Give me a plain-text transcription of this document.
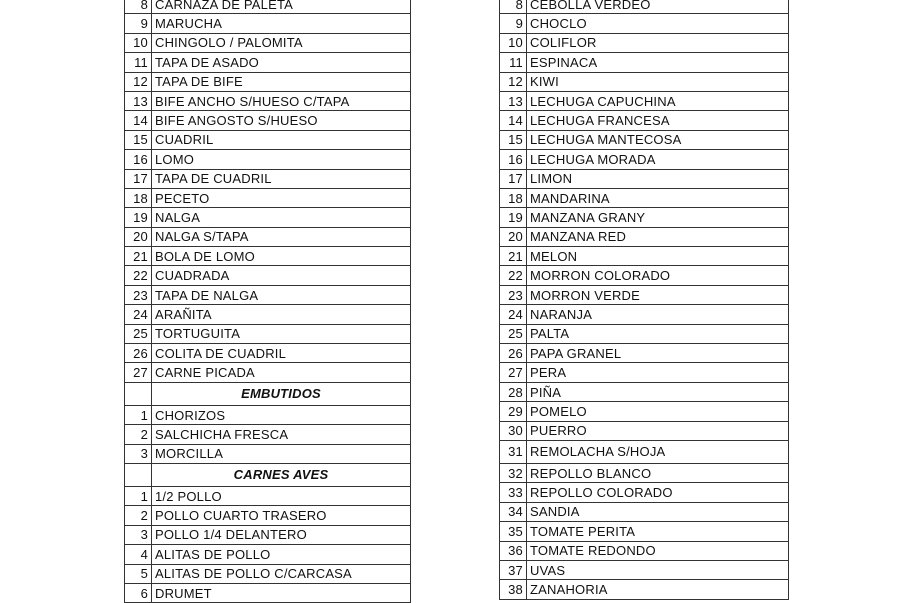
8	CARNAZA DE PALETA
9	MARUCHA
10	CHINGOLO / PALOMITA
11	TAPA DE ASADO
12	TAPA DE BIFE
13	BIFE ANCHO S/HUESO C/TAPA
14	BIFE ANGOSTO S/HUESO
15	CUADRIL
16	LOMO
17	TAPA DE CUADRIL
18	PECETO
19	NALGA
20	NALGA S/TAPA
21	BOLA DE LOMO
22	CUADRADA
23	TAPA DE NALGA
24	ARAÑITA
25	TORTUGUITA
26	COLITA DE CUADRIL
27	CARNE PICADA
	EMBUTIDOS
1	CHORIZOS
2	SALCHICHA FRESCA
3	MORCILLA
	CARNES AVES
1	1/2 POLLO
2	POLLO CUARTO TRASERO
3	POLLO 1/4 DELANTERO
4	ALITAS DE POLLO
5	ALITAS DE POLLO C/CARCASA
6	DRUMET
8	CEBOLLA VERDEO
9	CHOCLO
10	COLIFLOR
11	ESPINACA
12	KIWI
13	LECHUGA CAPUCHINA
14	LECHUGA FRANCESA
15	LECHUGA MANTECOSA
16	LECHUGA MORADA
17	LIMON
18	MANDARINA
19	MANZANA GRANY
20	MANZANA RED
21	MELON
22	MORRON COLORADO
23	MORRON VERDE
24	NARANJA
25	PALTA
26	PAPA GRANEL
27	PERA
28	PIÑA
29	POMELO
30	PUERRO
31	REMOLACHA S/HOJA
32	REPOLLO BLANCO
33	REPOLLO COLORADO
34	SANDIA
35	TOMATE PERITA
36	TOMATE REDONDO
37	UVAS
38	ZANAHORIA
